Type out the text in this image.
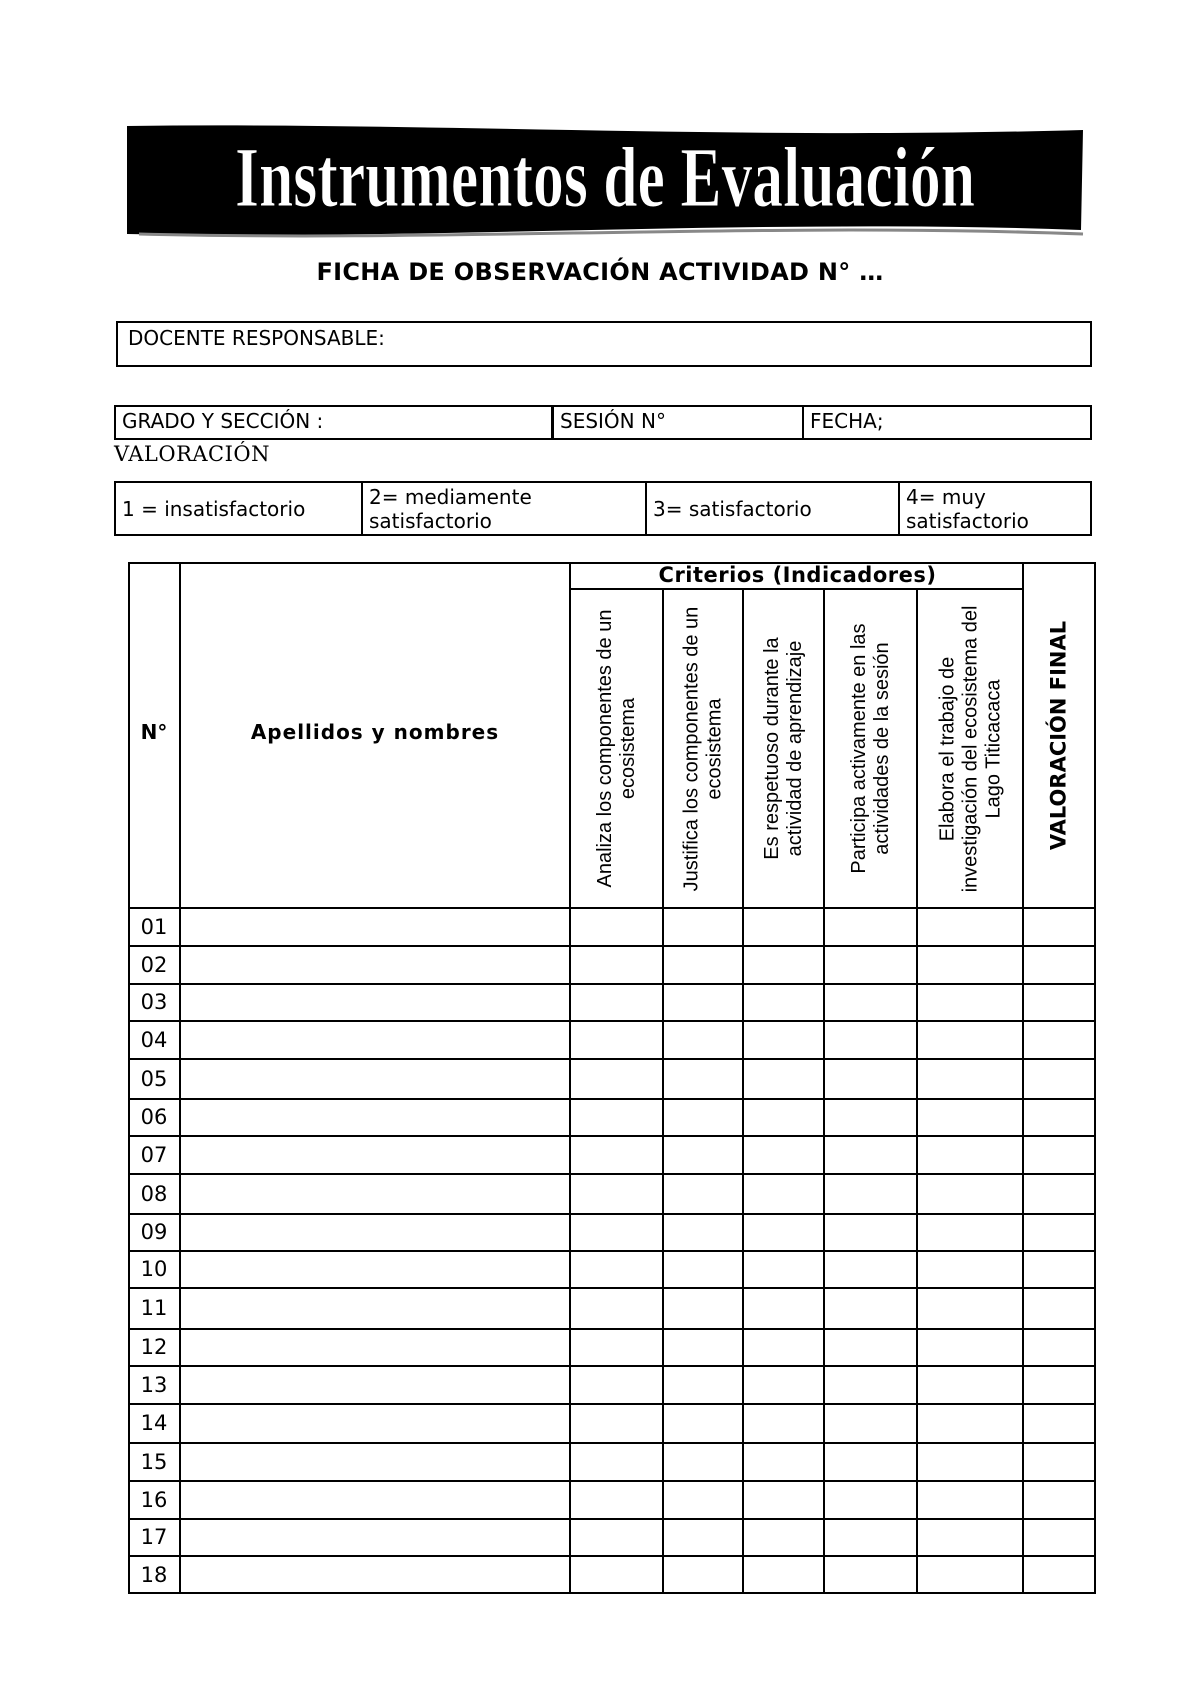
Instrumentos de Evaluación
FICHA DE OBSERVACIÓN ACTIVIDAD N° …
DOCENTE RESPONSABLE:
GRADO Y SECCIÓN :	SESIÓN N°	FECHA;
VALORACIÓN
1 = insatisfactorio	2= mediamente satisfactorio	3= satisfactorio	4= muy satisfactorio
N°	Apellidos y nombres
Criterios (Indicadores)
Analiza los componentes de un ecosistema	Justifica los componentes de un ecosistema	Es respetuoso durante la actividad de aprendizaje	Participa activamente en las actividades de la sesión	Elabora el trabajo de investigación del ecosistema del Lago Titicacaca	VALORACIÓN FINAL
01
02
03
04
05
06
07
08
09
10
11
12
13
14
15
16
17
18
